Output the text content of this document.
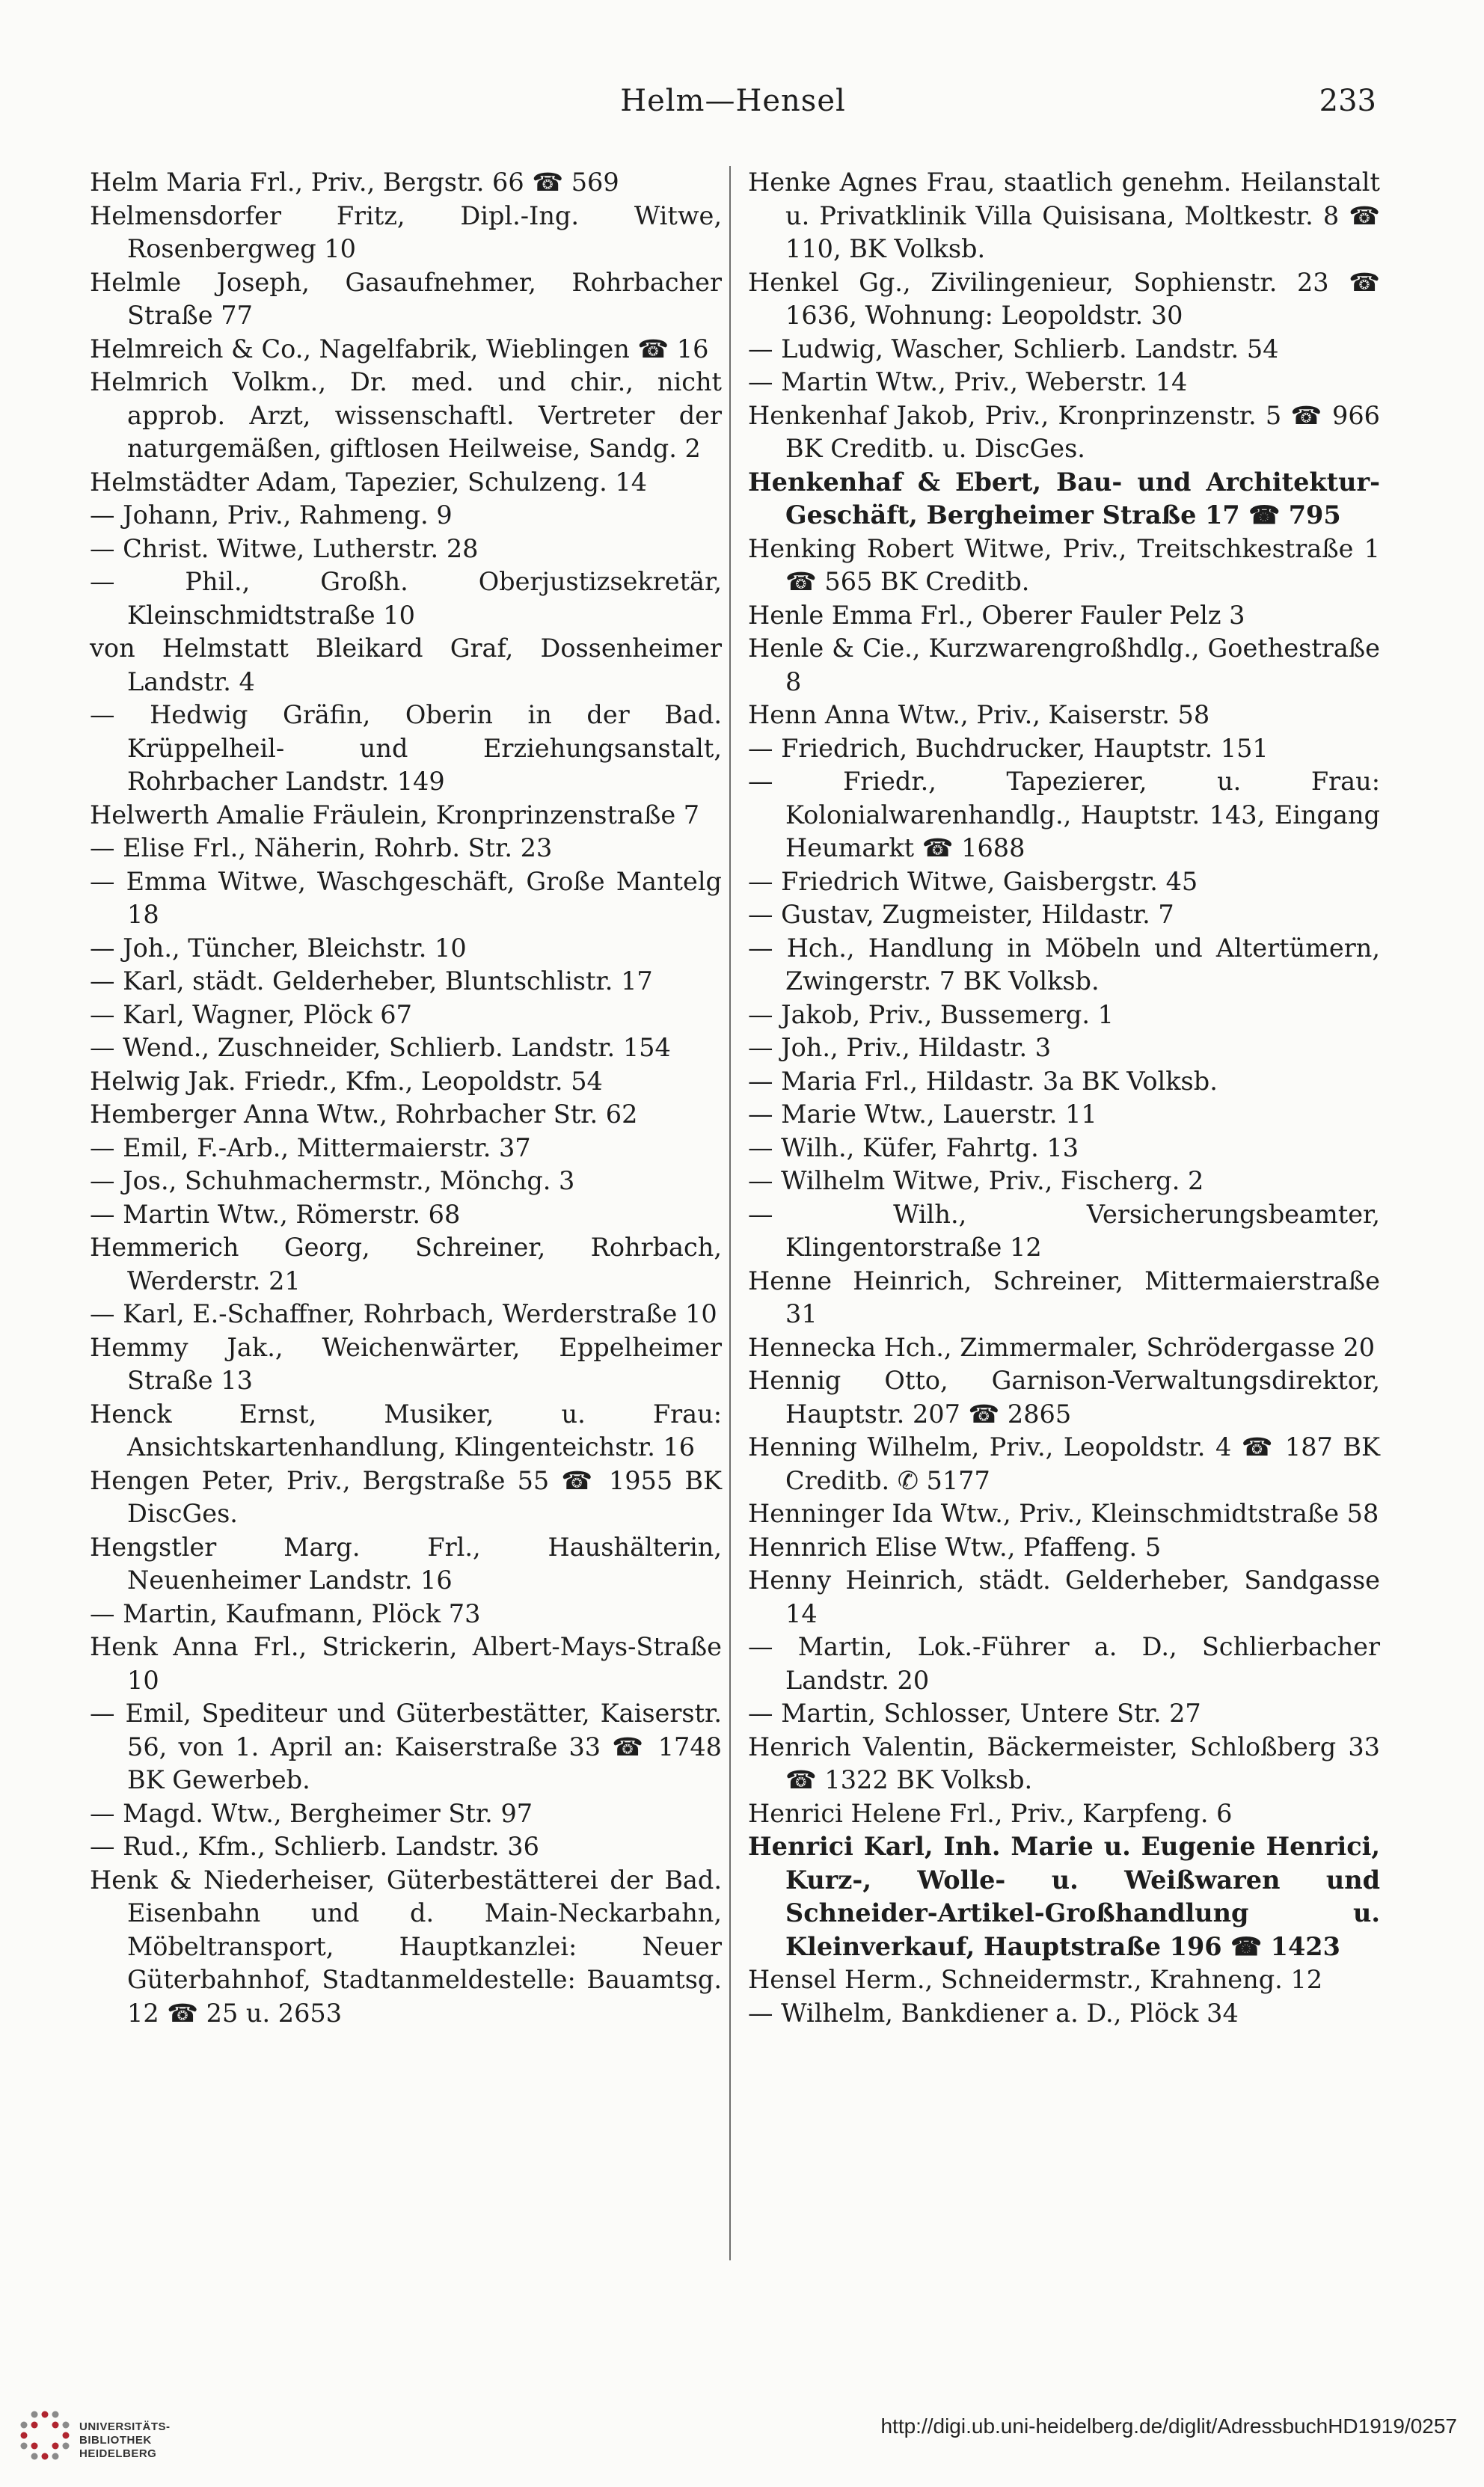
Helm—Hensel	233

Helm Maria Frl., Priv., Bergstr. 66 ☎ 569

Helmensdorfer Fritz, Dipl.-Ing. Witwe, Rosenbergweg 10

Helmle Joseph, Gasaufnehmer, Rohrbacher Straße 77

Helmreich & Co., Nagelfabrik, Wieblingen ☎ 16

Helmrich Volkm., Dr. med. und chir., nicht approb. Arzt, wissenschaftl. Vertreter der naturgemäßen, giftlosen Heilweise, Sandg. 2

Helmstädter Adam, Tapezier, Schulzeng. 14

— Johann, Priv., Rahmeng. 9

— Christ. Witwe, Lutherstr. 28

— Phil., Großh. Oberjustizsekretär, Kleinschmidtstraße 10

von Helmstatt Bleikard Graf, Dossenheimer Landstr. 4

— Hedwig Gräfin, Oberin in der Bad. Krüppelheil- und Erziehungsanstalt, Rohrbacher Landstr. 149

Helwerth Amalie Fräulein, Kronprinzenstraße 7

— Elise Frl., Näherin, Rohrb. Str. 23

— Emma Witwe, Waschgeschäft, Große Mantelg 18

— Joh., Tüncher, Bleichstr. 10

— Karl, städt. Gelderheber, Bluntschlistr. 17

— Karl, Wagner, Plöck 67

— Wend., Zuschneider, Schlierb. Landstr. 154

Helwig Jak. Friedr., Kfm., Leopoldstr. 54

Hemberger Anna Wtw., Rohrbacher Str. 62

— Emil, F.-Arb., Mittermaierstr. 37

— Jos., Schuhmachermstr., Mönchg. 3

— Martin Wtw., Römerstr. 68

Hemmerich Georg, Schreiner, Rohrbach, Werderstr. 21

— Karl, E.-Schaffner, Rohrbach, Werderstraße 10

Hemmy Jak., Weichenwärter, Eppelheimer Straße 13

Henck Ernst, Musiker, u. Frau: Ansichtskartenhandlung, Klingenteichstr. 16

Hengen Peter, Priv., Bergstraße 55 ☎ 1955 BK DiscGes.

Hengstler Marg. Frl., Haushälterin, Neuenheimer Landstr. 16

— Martin, Kaufmann, Plöck 73

Henk Anna Frl., Strickerin, Albert-Mays-Straße 10

— Emil, Spediteur und Güterbestätter, Kaiserstr. 56, von 1. April an: Kaiserstraße 33 ☎ 1748 BK Gewerbeb.

— Magd. Wtw., Bergheimer Str. 97

— Rud., Kfm., Schlierb. Landstr. 36

Henk & Niederheiser, Güterbestätterei der Bad. Eisenbahn und d. Main-Neckarbahn, Möbeltransport, Hauptkanzlei: Neuer Güterbahnhof, Stadtanmeldestelle: Bauamtsg. 12 ☎ 25 u. 2653

Henke Agnes Frau, staatlich genehm. Heilanstalt u. Privatklinik Villa Quisisana, Moltkestr. 8 ☎ 110, BK Volksb.

Henkel Gg., Zivilingenieur, Sophienstr. 23 ☎ 1636, Wohnung: Leopoldstr. 30

— Ludwig, Wascher, Schlierb. Landstr. 54

— Martin Wtw., Priv., Weberstr. 14

Henkenhaf Jakob, Priv., Kronprinzenstr. 5 ☎ 966 BK Creditb. u. DiscGes.

Henkenhaf & Ebert, Bau- und Architektur-Geschäft, Bergheimer Straße 17 ☎ 795

Henking Robert Witwe, Priv., Treitschkestraße 1 ☎ 565 BK Creditb.

Henle Emma Frl., Oberer Fauler Pelz 3

Henle & Cie., Kurzwarengroßhdlg., Goethestraße 8

Henn Anna Wtw., Priv., Kaiserstr. 58

— Friedrich, Buchdrucker, Hauptstr. 151

— Friedr., Tapezierer, u. Frau: Kolonialwarenhandlg., Hauptstr. 143, Eingang Heumarkt ☎ 1688

— Friedrich Witwe, Gaisbergstr. 45

— Gustav, Zugmeister, Hildastr. 7

— Hch., Handlung in Möbeln und Altertümern, Zwingerstr. 7 BK Volksb.

— Jakob, Priv., Bussemerg. 1

— Joh., Priv., Hildastr. 3

— Maria Frl., Hildastr. 3a BK Volksb.

— Marie Wtw., Lauerstr. 11

— Wilh., Küfer, Fahrtg. 13

— Wilhelm Witwe, Priv., Fischerg. 2

— Wilh., Versicherungsbeamter, Klingentorstraße 12

Henne Heinrich, Schreiner, Mittermaierstraße 31

Hennecka Hch., Zimmermaler, Schrödergasse 20

Hennig Otto, Garnison-Verwaltungsdirektor, Hauptstr. 207 ☎ 2865

Henning Wilhelm, Priv., Leopoldstr. 4 ☎ 187 BK Creditb. ✆ 5177

Henninger Ida Wtw., Priv., Kleinschmidtstraße 58

Hennrich Elise Wtw., Pfaffeng. 5

Henny Heinrich, städt. Gelderheber, Sandgasse 14

— Martin, Lok.-Führer a. D., Schlierbacher Landstr. 20

— Martin, Schlosser, Untere Str. 27

Henrich Valentin, Bäckermeister, Schloßberg 33 ☎ 1322 BK Volksb.

Henrici Helene Frl., Priv., Karpfeng. 6

Henrici Karl, Inh. Marie u. Eugenie Henrici, Kurz-, Wolle- u. Weißwaren und Schneider-Artikel-Großhandlung u. Kleinverkauf, Hauptstraße 196 ☎ 1423

Hensel Herm., Schneidermstr., Krahneng. 12

— Wilhelm, Bankdiener a. D., Plöck 34

UNIVERSITÄTS-
BIBLIOTHEK
HEIDELBERG
http://digi.ub.uni-heidelberg.de/diglit/AdressbuchHD1919/0257
